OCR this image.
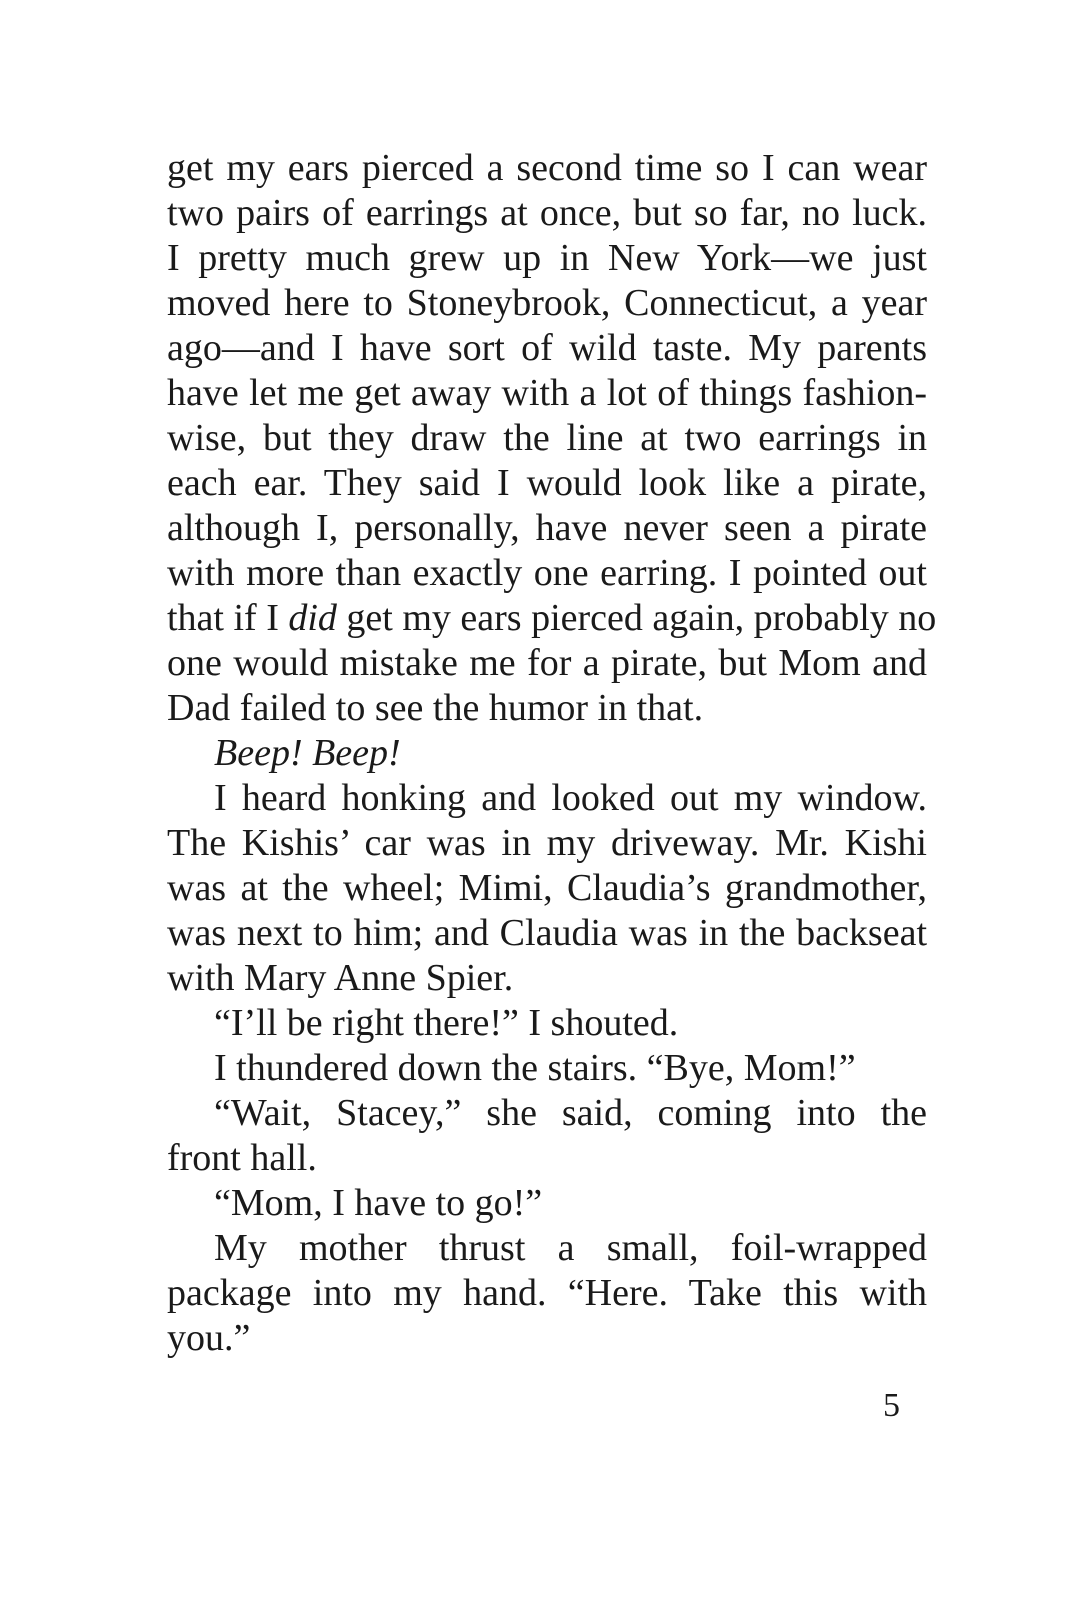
get my ears pierced a second time so I can wear
two pairs of earrings at once, but so far, no luck.
I pretty much grew up in New York—we just
moved here to Stoneybrook, Connecticut, a year
ago—and I have sort of wild taste. My parents
have let me get away with a lot of things fashion-
wise, but they draw the line at two earrings in
each ear. They said I would look like a pirate,
although I, personally, have never seen a pirate
with more than exactly one earring. I pointed out
that if I did get my ears pierced again, probably no
one would mistake me for a pirate, but Mom and
Dad failed to see the humor in that.
Beep! Beep!
I heard honking and looked out my window.
The Kishis’ car was in my driveway. Mr. Kishi
was at the wheel; Mimi, Claudia’s grandmother,
was next to him; and Claudia was in the backseat
with Mary Anne Spier.
“I’ll be right there!” I shouted.
I thundered down the stairs. “Bye, Mom!”
“Wait, Stacey,” she said, coming into the
front hall.
“Mom, I have to go!”
My mother thrust a small, foil-wrapped
package into my hand. “Here. Take this with
you.”
5
